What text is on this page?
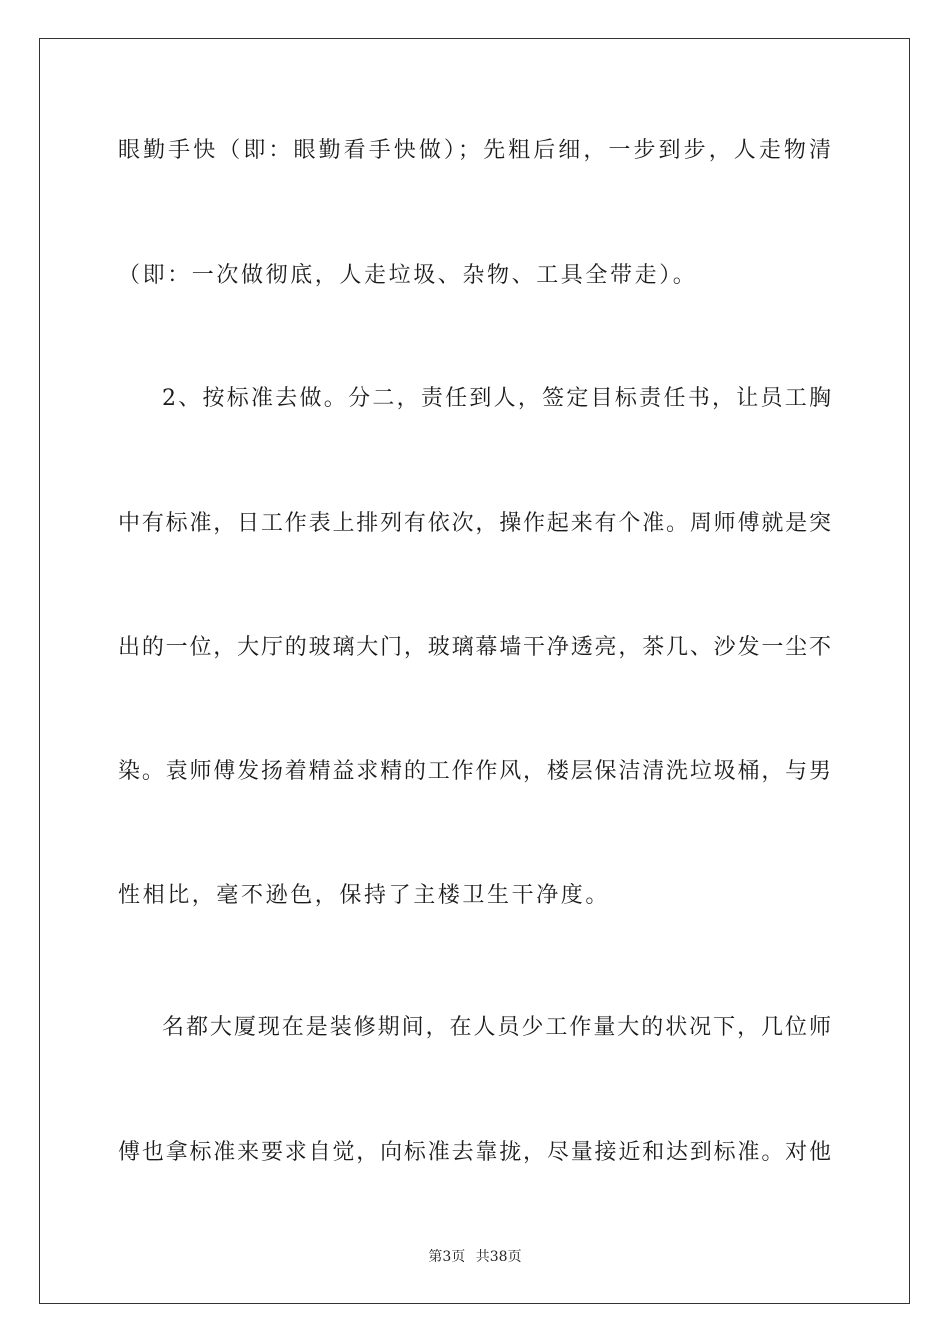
眼勤手快（即：眼勤看手快做）；先粗后细，一步到步，人走物清
（即：一次做彻底，人走垃圾、杂物、工具全带走）。
2、按标准去做。分二，责任到人，签定目标责任书，让员工胸
中有标准，日工作表上排列有依次，操作起来有个准。周师傅就是突
出的一位，大厅的玻璃大门，玻璃幕墙干净透亮，茶几、沙发一尘不
染。袁师傅发扬着精益求精的工作作风，楼层保洁清洗垃圾桶，与男
性相比，毫不逊色，保持了主楼卫生干净度。
名都大厦现在是装修期间，在人员少工作量大的状况下，几位师
傅也拿标准来要求自觉，向标准去靠拢，尽量接近和达到标准。对他
第3页 共38页
